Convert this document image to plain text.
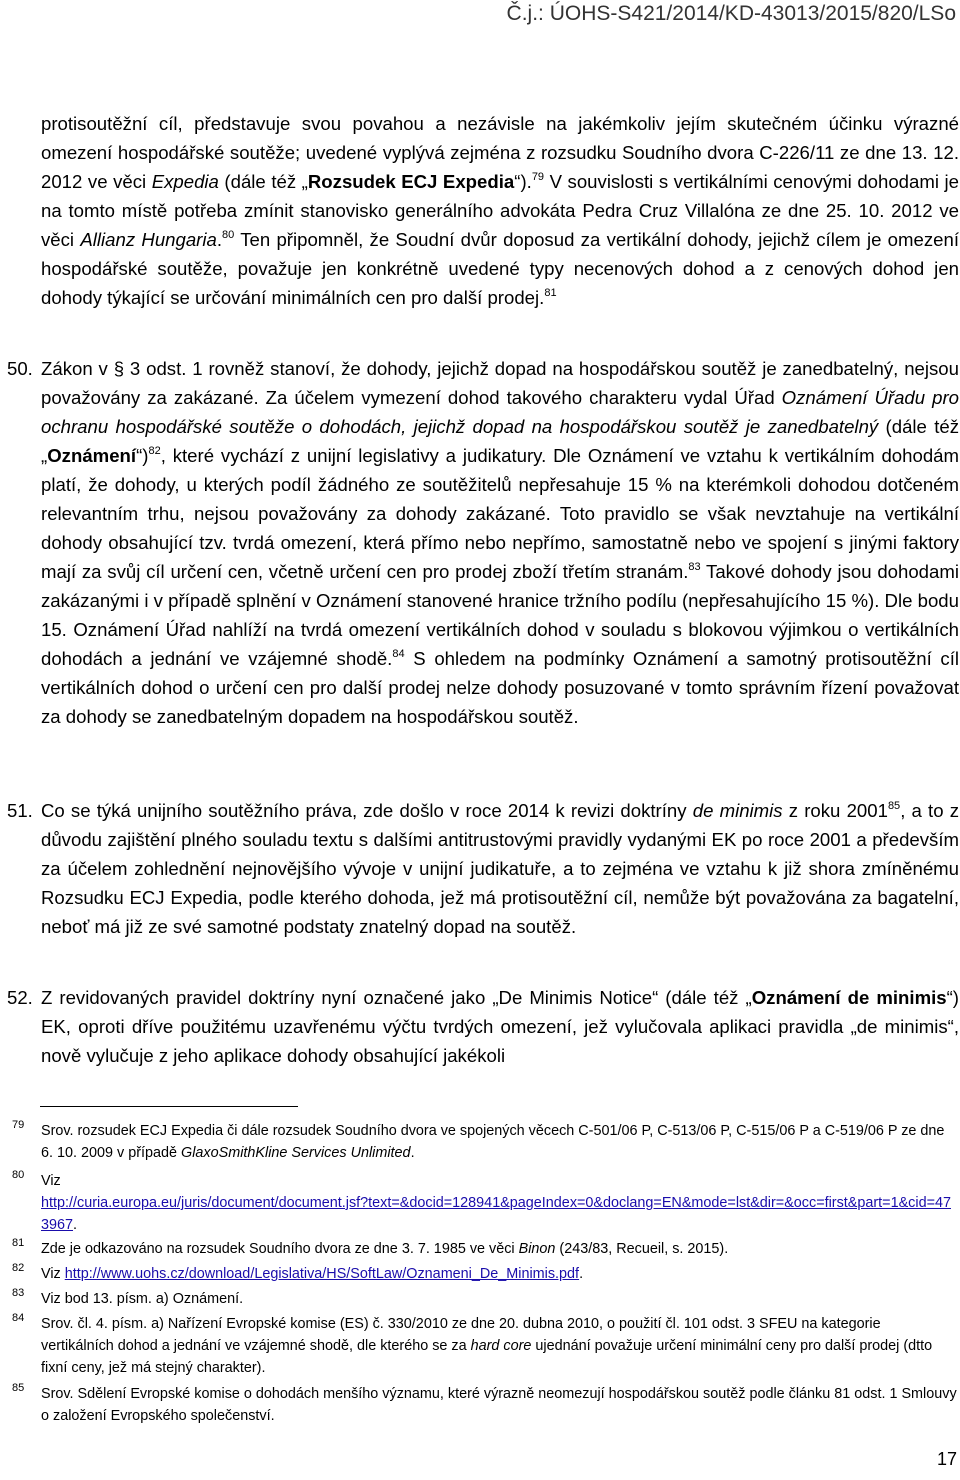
Č.j.: ÚOHS-S421/2014/KD-43013/2015/820/LSo
protisoutěžní cíl, představuje svou povahou a nezávisle na jakémkoliv jejím skutečném účinku výrazné omezení hospodářské soutěže; uvedené vyplývá zejména z rozsudku Soudního dvora C-226/11 ze dne 13. 12. 2012 ve věci Expedia (dále též „Rozsudek ECJ Expedia“).$^{79}$ V souvislosti s vertikálními cenovými dohodami je na tomto místě potřeba zmínit stanovisko generálního advokáta Pedra Cruz Villalóna ze dne 25. 10. 2012 ve věci Allianz Hungaria.$^{80}$ Ten připomněl, že Soudní dvůr doposud za vertikální dohody, jejichž cílem je omezení hospodářské soutěže, považuje jen konkrétně uvedené typy necenových dohod a z cenových dohod jen dohody týkající se určování minimálních cen pro další prodej.$^{81}$
50. Zákon v § 3 odst. 1 rovněž stanoví, že dohody, jejichž dopad na hospodářskou soutěž je zanedbatelný, nejsou považovány za zakázané. Za účelem vymezení dohod takového charakteru vydal Úřad Oznámení Úřadu pro ochranu hospodářské soutěže o dohodách, jejichž dopad na hospodářskou soutěž je zanedbatelný (dále též „Oznámení“)$^{82}$, které vychází z unijní legislativy a judikatury. Dle Oznámení ve vztahu k vertikálním dohodám platí, že dohody, u kterých podíl žádného ze soutěžitelů nepřesahuje 15 % na kterémkoli dohodou dotčeném relevantním trhu, nejsou považovány za dohody zakázané. Toto pravidlo se však nevztahuje na vertikální dohody obsahující tzv. tvrdá omezení, která přímo nebo nepřímo, samostatně nebo ve spojení s jinými faktory mají za svůj cíl určení cen, včetně určení cen pro prodej zboží třetím stranám.$^{83}$ Takové dohody jsou dohodami zakázanými i v případě splnění v Oznámení stanovené hranice tržního podílu (nepřesahujícího 15 %). Dle bodu 15. Oznámení Úřad nahlíží na tvrdá omezení vertikálních dohod v souladu s blokovou výjimkou o vertikálních dohodách a jednání ve vzájemné shodě.$^{84}$ S ohledem na podmínky Oznámení a samotný protisoutěžní cíl vertikálních dohod o určení cen pro další prodej nelze dohody posuzované v tomto správním řízení považovat za dohody se zanedbatelným dopadem na hospodářskou soutěž.
51. Co se týká unijního soutěžního práva, zde došlo v roce 2014 k revizi doktríny de minimis z roku 2001$^{85}$, a to z důvodu zajištění plného souladu textu s dalšími antitrustovými pravidly vydanými EK po roce 2001 a především za účelem zohlednění nejnovějšího vývoje v unijní judikatuře, a to zejména ve vztahu k již shora zmíněnému Rozsudku ECJ Expedia, podle kterého dohoda, jež má protisoutěžní cíl, nemůže být považována za bagatelní, neboť má již ze své samotné podstaty znatelný dopad na soutěž.
52. Z revidovaných pravidel doktríny nyní označené jako „De Minimis Notice“ (dále též „Oznámení de minimis“) EK, oproti dříve použitému uzavřenému výčtu tvrdých omezení, jež vylučovala aplikaci pravidla „de minimis“, nově vylučuje z jeho aplikace dohody obsahující jakékoli
79 Srov. rozsudek ECJ Expedia či dále rozsudek Soudního dvora ve spojených věcech C-501/06 P, C-513/06 P, C-515/06 P a C-519/06 P ze dne 6. 10. 2009 v případě GlaxoSmithKline Services Unlimited.
80 Viz
http://curia.europa.eu/juris/document/document.jsf?text=&docid=128941&pageIndex=0&doclang=EN&mode=lst&dir=&occ=first&part=1&cid=473967.
81 Zde je odkazováno na rozsudek Soudního dvora ze dne 3. 7. 1985 ve věci Binon (243/83, Recueil, s. 2015).
82 Viz http://www.uohs.cz/download/Legislativa/HS/SoftLaw/Oznameni_De_Minimis.pdf.
83 Viz bod 13. písm. a) Oznámení.
84 Srov. čl. 4. písm. a) Nařízení Evropské komise (ES) č. 330/2010 ze dne 20. dubna 2010, o použití čl. 101 odst. 3 SFEU na kategorie vertikálních dohod a jednání ve vzájemné shodě, dle kterého se za hard core ujednání považuje určení minimální ceny pro další prodej (dtto fixní ceny, jež má stejný charakter).
85 Srov. Sdělení Evropské komise o dohodách menšího významu, které výrazně neomezují hospodářskou soutěž podle článku 81 odst. 1 Smlouvy o založení Evropského společenství.
17
